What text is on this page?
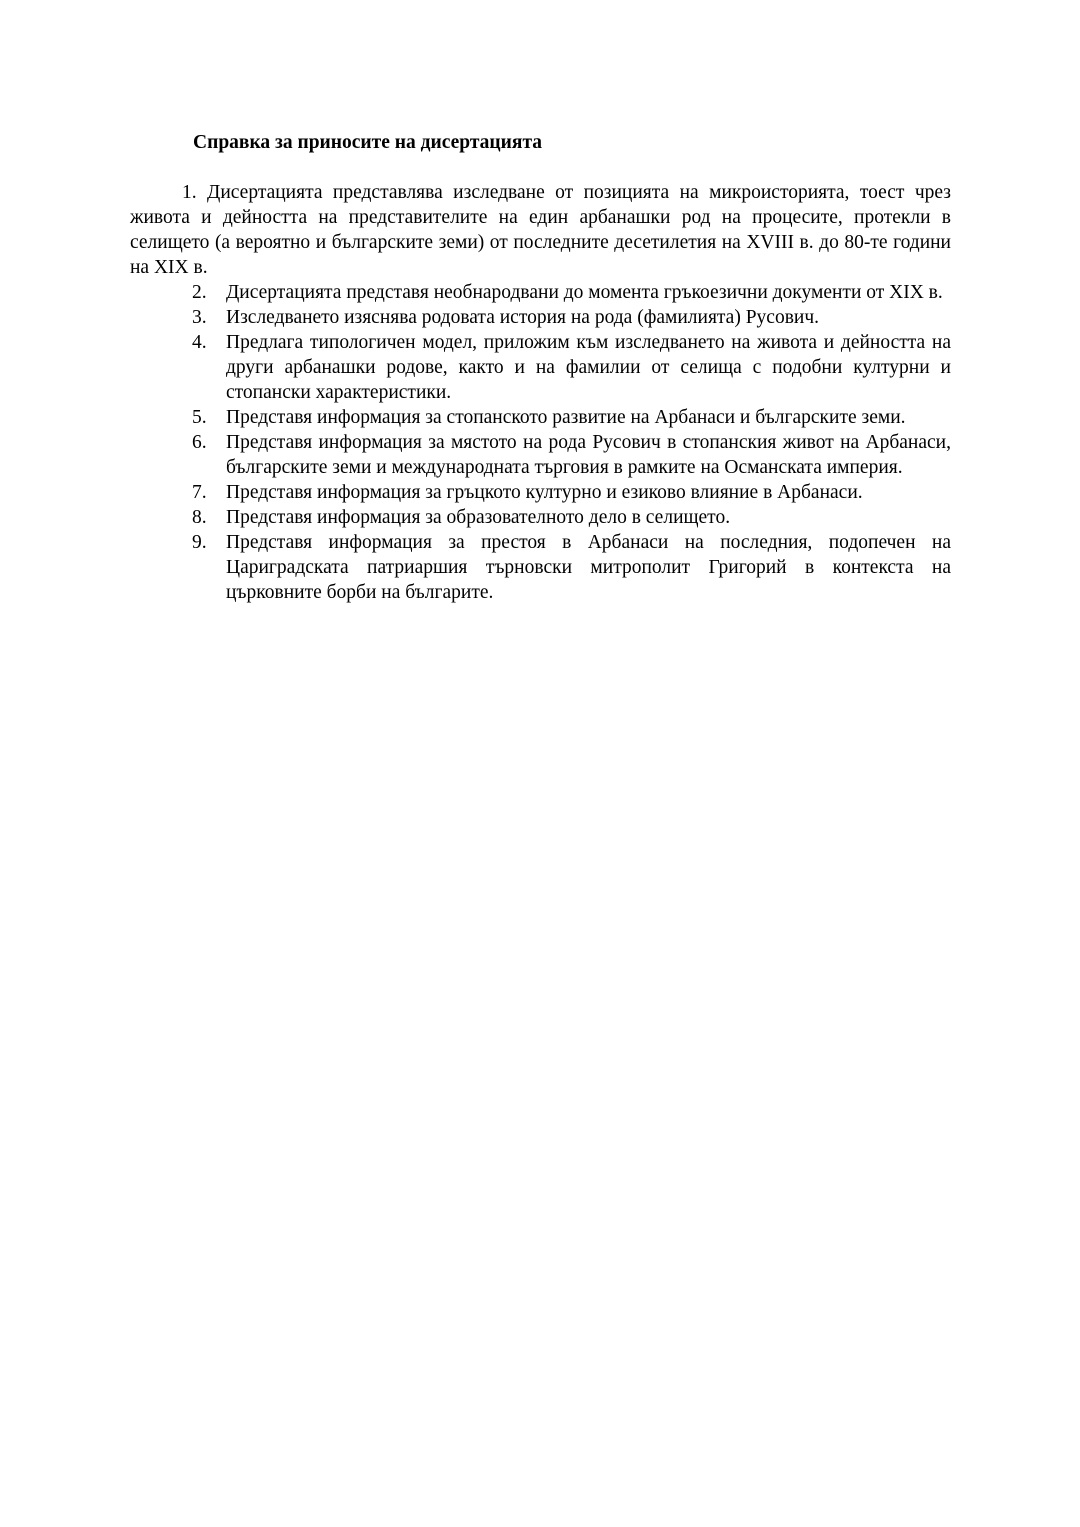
Справка за приносите на дисертацията

1. Дисертацията представлява изследване от позицията на микроисторията, тоест чрез живота и дейността на представителите на един арбанашки род на процесите, протекли в селището (а вероятно и българските земи) от последните десетилетия на XVIII в. до 80-те години на XIX в.

2. Дисертацията представя необнародвани до момента гръкоезични документи от XIX в.
3. Изследването изяснява родовата история на рода (фамилията) Русович.
4. Предлага типологичен модел, приложим към изследването на живота и дейността на други арбанашки родове, както и на фамилии от селища с подобни културни и стопански характеристики.
5. Представя информация за стопанското развитие на Арбанаси и българските земи.
6. Представя информация за мястото на рода Русович в стопанския живот на Арбанаси, българските земи и международната търговия в рамките на Османската империя.
7. Представя информация за гръцкото културно и езиково влияние в Арбанаси.
8. Представя информация за образователното дело в селището.
9. Представя информация за престоя в Арбанаси на последния, подопечен на Цариградската патриаршия търновски митрополит Григорий в контекста на църковните борби на българите.
